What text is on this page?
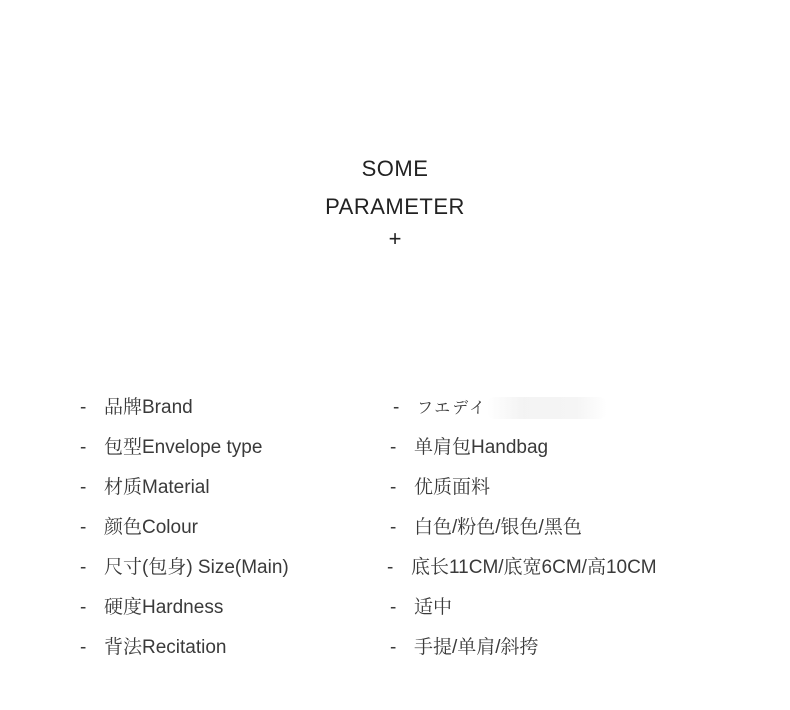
SOME
PARAMETER
+
- 品牌Brand	- フエデイ
- 包型Envelope type	- 单肩包Handbag
- 材质Material	- 优质面料
- 颜色Colour	- 白色/粉色/银色/黑色
- 尺寸(包身) Size(Main)	- 底长11CM/底宽6CM/高10CM
- 硬度Hardness	- 适中
- 背法Recitation	- 手提/单肩/斜挎
